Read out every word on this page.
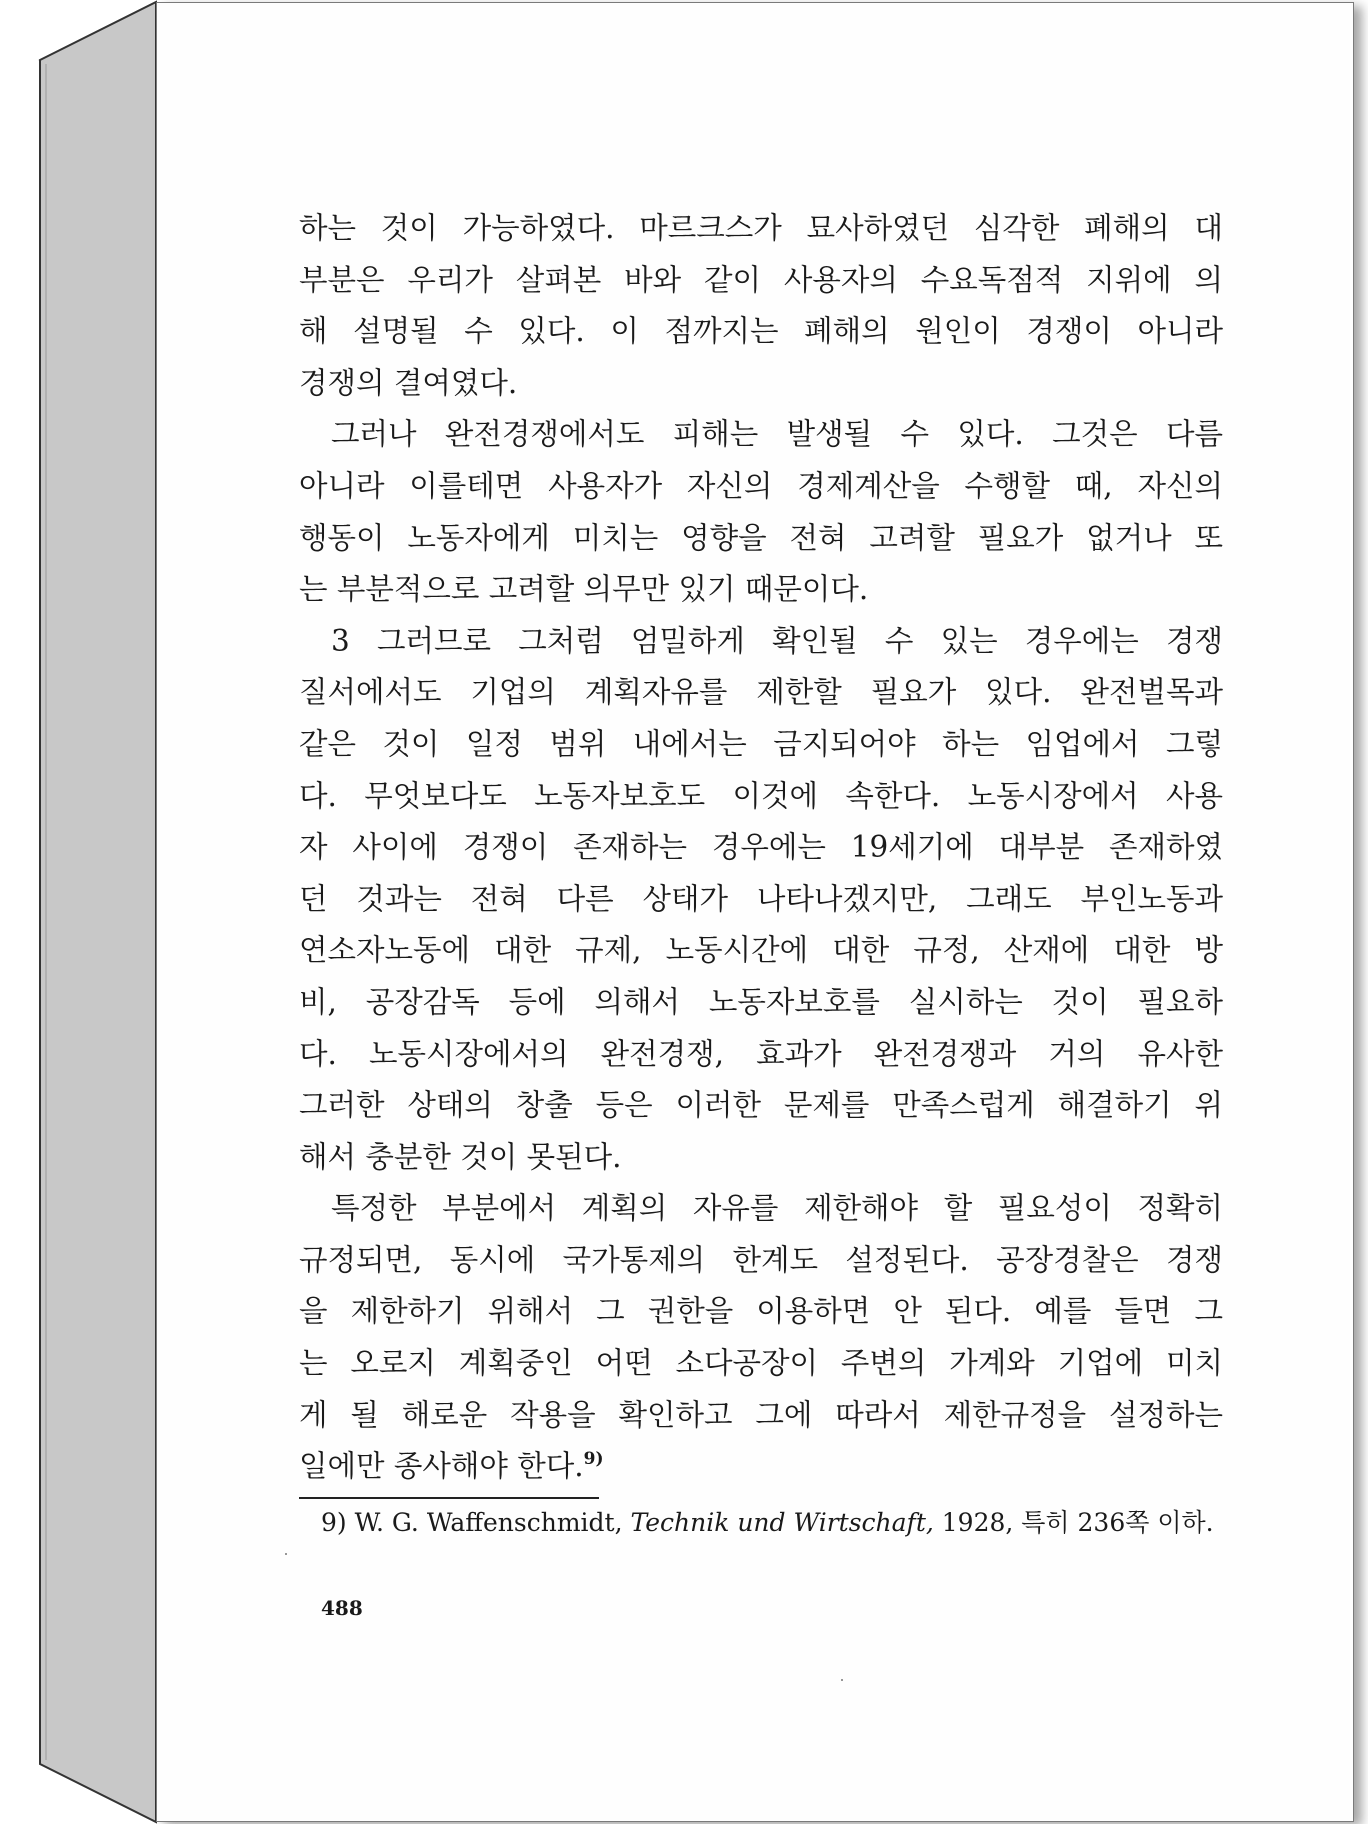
하는 것이 가능하였다. 마르크스가 묘사하였던 심각한 폐해의 대
부분은 우리가 살펴본 바와 같이 사용자의 수요독점적 지위에 의
해 설명될 수 있다. 이 점까지는 폐해의 원인이 경쟁이 아니라
경쟁의 결여였다.
그러나 완전경쟁에서도 피해는 발생될 수 있다. 그것은 다름
아니라 이를테면 사용자가 자신의 경제계산을 수행할 때, 자신의
행동이 노동자에게 미치는 영향을 전혀 고려할 필요가 없거나 또
는 부분적으로 고려할 의무만 있기 때문이다.
3 그러므로 그처럼 엄밀하게 확인될 수 있는 경우에는 경쟁
질서에서도 기업의 계획자유를 제한할 필요가 있다. 완전벌목과
같은 것이 일정 범위 내에서는 금지되어야 하는 임업에서 그렇
다. 무엇보다도 노동자보호도 이것에 속한다. 노동시장에서 사용
자 사이에 경쟁이 존재하는 경우에는 19세기에 대부분 존재하였
던 것과는 전혀 다른 상태가 나타나겠지만, 그래도 부인노동과
연소자노동에 대한 규제, 노동시간에 대한 규정, 산재에 대한 방
비, 공장감독 등에 의해서 노동자보호를 실시하는 것이 필요하
다. 노동시장에서의 완전경쟁, 효과가 완전경쟁과 거의 유사한
그러한 상태의 창출 등은 이러한 문제를 만족스럽게 해결하기 위
해서 충분한 것이 못된다.
특정한 부분에서 계획의 자유를 제한해야 할 필요성이 정확히
규정되면, 동시에 국가통제의 한계도 설정된다. 공장경찰은 경쟁
을 제한하기 위해서 그 권한을 이용하면 안 된다. 예를 들면 그
는 오로지 계획중인 어떤 소다공장이 주변의 가계와 기업에 미치
게 될 해로운 작용을 확인하고 그에 따라서 제한규정을 설정하는
일에만 종사해야 한다.$^{9)}$
9) W. G. Waffenschmidt, Technik und Wirtschaft, 1928, 특히 236쪽 이하.
488
